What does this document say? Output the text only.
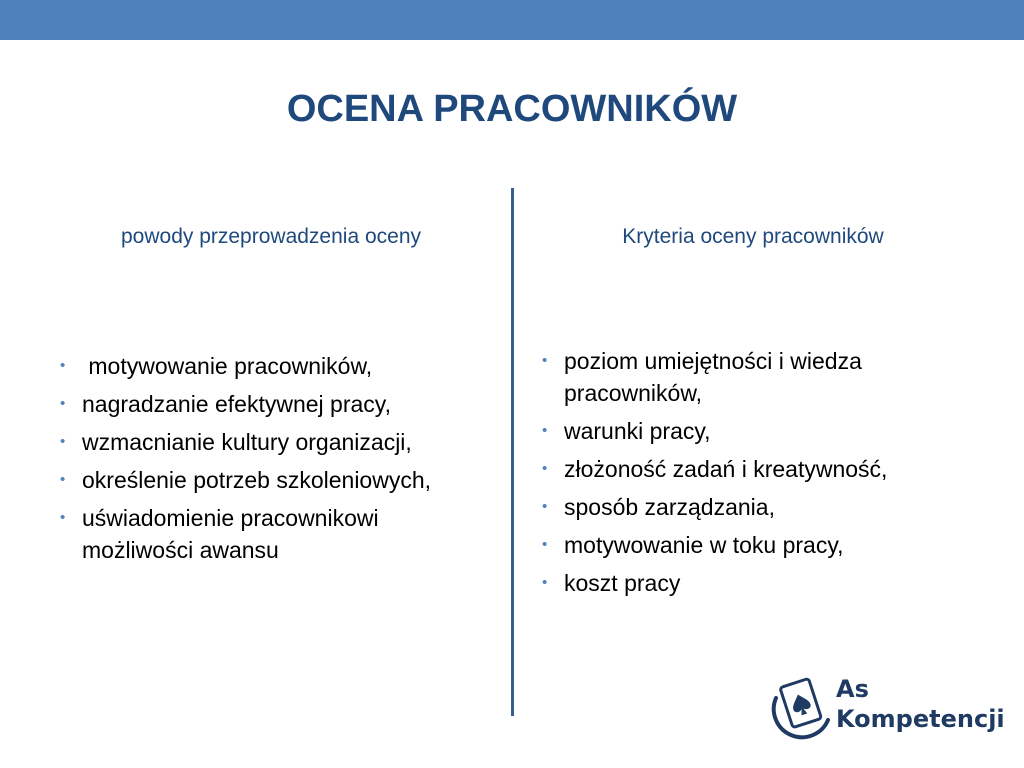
OCENA PRACOWNIKÓW
powody przeprowadzenia oceny	Kryteria oceny pracowników
• motywowanie pracowników,
• nagradzanie efektywnej pracy,
• wzmacnianie kultury organizacji,
• określenie potrzeb szkoleniowych,
• uświadomienie pracownikowi możliwości awansu
• poziom umiejętności i wiedza pracowników,
• warunki pracy,
• złożoność zadań i kreatywność,
• sposób zarządzania,
• motywowanie w toku pracy,
• koszt pracy
As
Kompetencji
